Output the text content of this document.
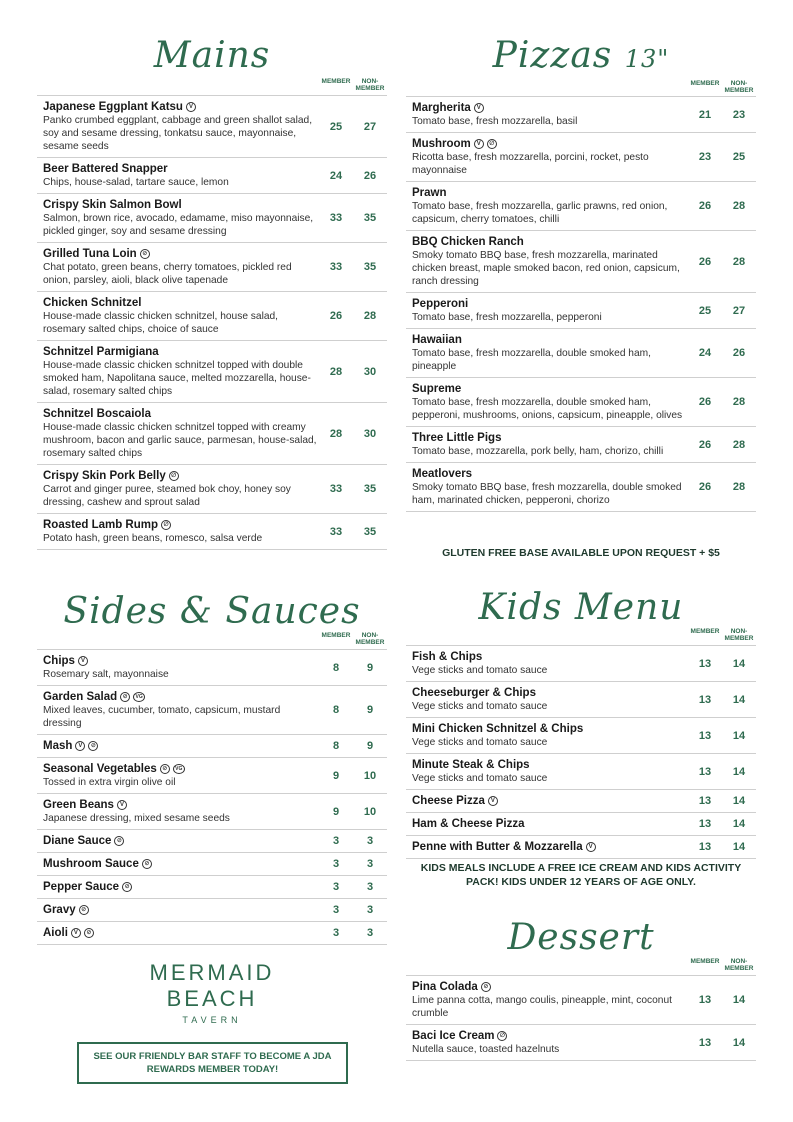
Mains
MEMBER	NON-
MEMBER
Japanese Eggplant Katsu V
Panko crumbed eggplant, cabbage and green shallot salad, soy and sesame dressing, tonkatsu sauce, mayonnaise, sesame seeds
25	27
Beer Battered Snapper
Chips, house-salad, tartare sauce, lemon
24	26
Crispy Skin Salmon Bowl
Salmon, brown rice, avocado, edamame, miso mayonnaise, pickled ginger, soy and sesame dressing
33	35
Grilled Tuna Loin ⊘
Chat potato, green beans, cherry tomatoes, pickled red onion, parsley, aioli, black olive tapenade
33	35
Chicken Schnitzel
House-made classic chicken schnitzel, house salad, rosemary salted chips, choice of sauce
26	28
Schnitzel Parmigiana
House-made classic chicken schnitzel topped with double smoked ham, Napolitana sauce, melted mozzarella, house-salad, rosemary salted chips
28	30
Schnitzel Boscaiola
House-made classic chicken schnitzel topped with creamy mushroom, bacon and garlic sauce, parmesan, house-salad, rosemary salted chips
28	30
Crispy Skin Pork Belly ∅
Carrot and ginger puree, steamed bok choy, honey soy dressing, cashew and sprout salad
33	35
Roasted Lamb Rump ∅
Potato hash, green beans, romesco, salsa verde
33	35
Sides & Sauces
MEMBER	NON-
MEMBER
Chips V
Rosemary salt, mayonnaise
8	9
Garden Salad ⊘	VG
Mixed leaves, cucumber, tomato, capsicum, mustard dressing
8	9
Mash V	⊘	8	9
Seasonal Vegetables ⊘	VG
Tossed in extra virgin olive oil
9	10
Green Beans V
Japanese dressing, mixed sesame seeds
9	10
Diane Sauce ⊘	3	3
Mushroom Sauce ⊘	3	3
Pepper Sauce ⊘	3	3
Gravy ⊘	3	3
Aioli V	⊘	3	3
MERMAID
BEACH
TAVERN
SEE OUR FRIENDLY BAR STAFF TO BECOME A JDA REWARDS MEMBER TODAY!
Pizzas 13"
MEMBER	NON-
MEMBER
Margherita V
Tomato base, fresh mozzarella, basil
21	23
Mushroom V	∅
Ricotta base, fresh mozzarella, porcini, rocket, pesto mayonnaise
23	25
Prawn
Tomato base, fresh mozzarella, garlic prawns, red onion, capsicum, cherry tomatoes, chilli
26	28
BBQ Chicken Ranch
Smoky tomato BBQ base, fresh mozzarella, marinated chicken breast, maple smoked bacon, red onion, capsicum, ranch dressing
26	28
Pepperoni
Tomato base, fresh mozzarella, pepperoni
25	27
Hawaiian
Tomato base, fresh mozzarella, double smoked ham, pineapple
24	26
Supreme
Tomato base, fresh mozzarella, double smoked ham, pepperoni, mushrooms, onions, capsicum, pineapple, olives
26	28
Three Little Pigs
Tomato base, mozzarella, pork belly, ham, chorizo, chilli
26	28
Meatlovers
Smoky tomato BBQ base, fresh mozzarella, double smoked ham, marinated chicken, pepperoni, chorizo
26	28
GLUTEN FREE BASE AVAILABLE UPON REQUEST + $5
Kids Menu
MEMBER	NON-
MEMBER
Fish & Chips
Vege sticks and tomato sauce
13	14
Cheeseburger & Chips
Vege sticks and tomato sauce
13	14
Mini Chicken Schnitzel & Chips
Vege sticks and tomato sauce
13	14
Minute Steak & Chips
Vege sticks and tomato sauce
13	14
Cheese Pizza V	13	14
Ham & Cheese Pizza	13	14
Penne with Butter & Mozzarella V	13	14
KIDS MEALS INCLUDE A FREE ICE CREAM AND KIDS ACTIVITY PACK! KIDS UNDER 12 YEARS OF AGE ONLY.
Dessert
MEMBER	NON-
MEMBER
Pina Colada ⊘
Lime panna cotta, mango coulis, pineapple, mint, coconut crumble
13	14
Baci Ice Cream ∅
Nutella sauce, toasted hazelnuts
13	14
